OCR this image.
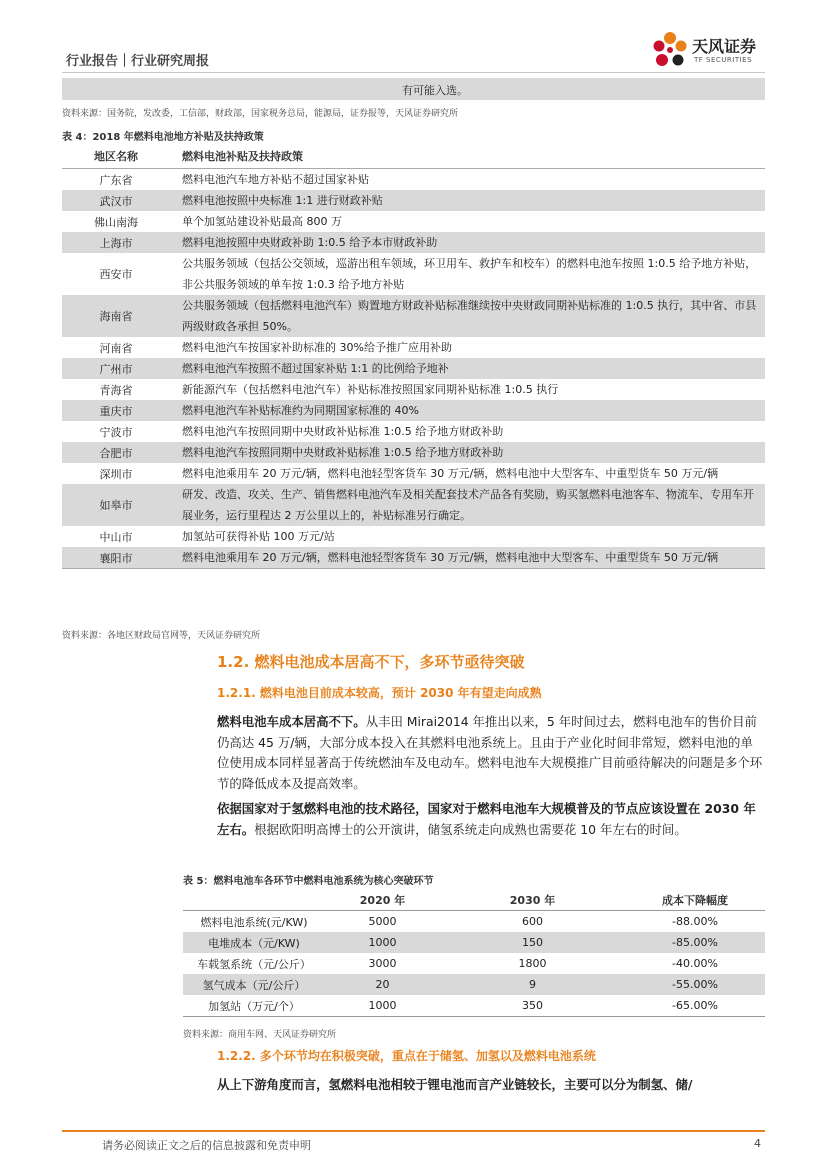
行业报告｜行业研究周报
天风证券
TF SECURITIES
有可能入选。
资料来源：国务院，发改委，工信部，财政部，国家税务总局，能源局，证券报等，天风证券研究所
表 4：2018 年燃料电池地方补贴及扶持政策
地区名称	燃料电池补贴及扶持政策
广东省	燃料电池汽车地方补贴不超过国家补贴
武汉市	燃料电池按照中央标准 1:1 进行财政补贴
佛山南海	单个加氢站建设补贴最高 800 万
上海市	燃料电池按照中央财政补助 1:0.5 给予本市财政补助
西安市	公共服务领域（包括公交领域，巡游出租车领域，环卫用车、救护车和校车）的燃料电池车按照 1:0.5 给予地方补贴，非公共服务领域的单车按 1:0.3 给予地方补贴
海南省	公共服务领域（包括燃料电池汽车）购置地方财政补贴标准继续按中央财政同期补贴标准的 1:0.5 执行，其中省、市县两级财政各承担 50%。
河南省	燃料电池汽车按国家补助标准的 30%给予推广应用补助
广州市	燃料电池汽车按照不超过国家补贴 1:1 的比例给予地补
青海省	新能源汽车（包括燃料电池汽车）补贴标准按照国家同期补贴标准 1:0.5 执行
重庆市	燃料电池汽车补贴标准约为同期国家标准的 40%
宁波市	燃料电池汽车按照同期中央财政补贴标准 1:0.5 给予地方财政补助
合肥市	燃料电池汽车按照同期中央财政补贴标准 1:0.5 给予地方财政补助
深圳市	燃料电池乘用车 20 万元/辆，燃料电池轻型客货车 30 万元/辆，燃料电池中大型客车、中重型货车 50 万元/辆
如皋市	研发、改造、攻关、生产、销售燃料电池汽车及相关配套技术产品各有奖励，购买氢燃料电池客车、物流车、专用车开展业务，运行里程达 2 万公里以上的，补贴标准另行确定。
中山市	加氢站可获得补贴 100 万元/站
襄阳市	燃料电池乘用车 20 万元/辆，燃料电池轻型客货车 30 万元/辆，燃料电池中大型客车、中重型货车 50 万元/辆
资料来源：各地区财政局官网等，天风证券研究所
1.2. 燃料电池成本居高不下，多环节亟待突破
1.2.1. 燃料电池目前成本较高，预计 2030 年有望走向成熟
燃料电池车成本居高不下。从丰田 Mirai2014 年推出以来，5 年时间过去，燃料电池车的售价目前仍高达 45 万/辆，大部分成本投入在其燃料电池系统上。且由于产业化时间非常短，燃料电池的单位使用成本同样显著高于传统燃油车及电动车。燃料电池车大规模推广目前亟待解决的问题是多个环节的降低成本及提高效率。
依据国家对于氢燃料电池的技术路径，国家对于燃料电池车大规模普及的节点应该设置在 2030 年左右。根据欧阳明高博士的公开演讲，储氢系统走向成熟也需要花 10 年左右的时间。
表 5：燃料电池车各环节中燃料电池系统为核心突破环节
	2020 年	2030 年	成本下降幅度
燃料电池系统(元/KW)	5000	600	-88.00%
电堆成本（元/KW)	1000	150	-85.00%
车载氢系统（元/公斤）	3000	1800	-40.00%
氢气成本（元/公斤）	20	9	-55.00%
加氢站（万元/个）	1000	350	-65.00%
资料来源：商用车网、天风证券研究所
1.2.2. 多个环节均在积极突破，重点在于储氢、加氢以及燃料电池系统
从上下游角度而言，氢燃料电池相较于锂电池而言产业链较长，主要可以分为制氢、储/
请务必阅读正文之后的信息披露和免责申明	4
